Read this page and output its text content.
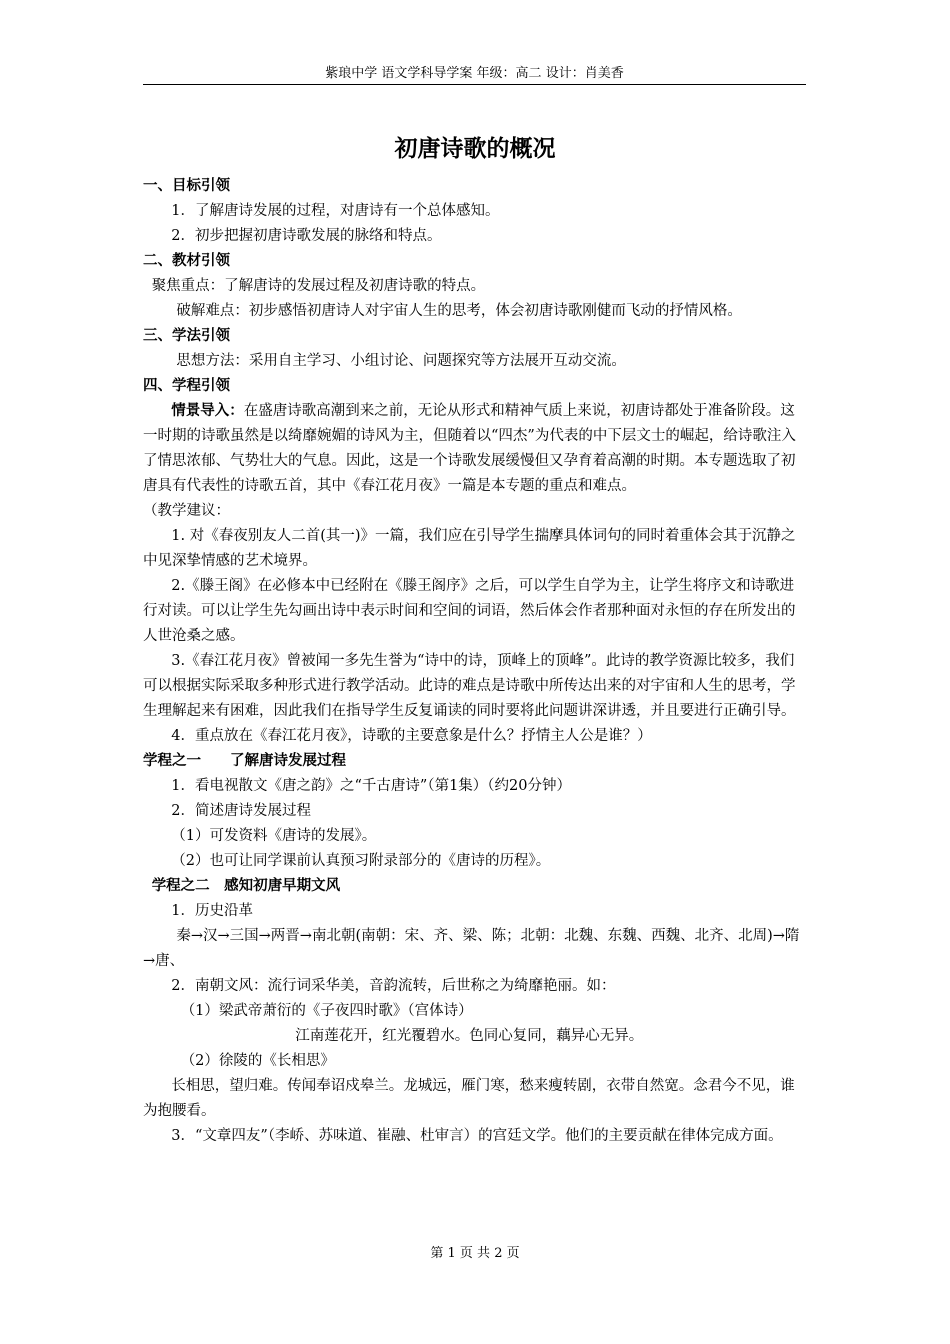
紫琅中学 语文学科导学案 年级：高二 设计：肖美香
初唐诗歌的概况

一、目标引领

1．了解唐诗发展的过程，对唐诗有一个总体感知。

2．初步把握初唐诗歌发展的脉络和特点。

二、教材引领

聚焦重点：了解唐诗的发展过程及初唐诗歌的特点。

破解难点：初步感悟初唐诗人对宇宙人生的思考，体会初唐诗歌刚健而飞动的抒情风格。

三、学法引领

思想方法：采用自主学习、小组讨论、问题探究等方法展开互动交流。

四、学程引领

情景导入：在盛唐诗歌高潮到来之前，无论从形式和精神气质上来说，初唐诗都处于准备阶段。这一时期的诗歌虽然是以绮靡婉媚的诗风为主，但随着以“四杰”为代表的中下层文士的崛起，给诗歌注入了情思浓郁、气势壮大的气息。因此，这是一个诗歌发展缓慢但又孕育着高潮的时期。本专题选取了初唐具有代表性的诗歌五首，其中《春江花月夜》一篇是本专题的重点和难点。

（教学建议：

1. 对《春夜别友人二首(其一)》一篇，我们应在引导学生揣摩具体词句的同时着重体会其于沉静之中见深挚情感的艺术境界。

2.《滕王阁》在必修本中已经附在《滕王阁序》之后，可以学生自学为主，让学生将序文和诗歌进行对读。可以让学生先勾画出诗中表示时间和空间的词语，然后体会作者那种面对永恒的存在所发出的人世沧桑之感。

3.《春江花月夜》曾被闻一多先生誉为“诗中的诗，顶峰上的顶峰”。此诗的教学资源比较多，我们可以根据实际采取多种形式进行教学活动。此诗的难点是诗歌中所传达出来的对宇宙和人生的思考，学生理解起来有困难，因此我们在指导学生反复诵读的同时要将此问题讲深讲透，并且要进行正确引导。

4．重点放在《春江花月夜》，诗歌的主要意象是什么？抒情主人公是谁？）

学程之一　　了解唐诗发展过程

1．看电视散文《唐之韵》之“千古唐诗”（第1集）（约20分钟）

2．简述唐诗发展过程

（1）可发资料《唐诗的发展》。

（2）也可让同学课前认真预习附录部分的《唐诗的历程》。

学程之二　感知初唐早期文风

1．历史沿革

秦→汉→三国→两晋→南北朝(南朝：宋、齐、梁、陈；北朝：北魏、东魏、西魏、北齐、北周)→隋→唐、

2．南朝文风：流行词采华美，音韵流转，后世称之为绮靡艳丽。如：

（1）梁武帝萧衍的《子夜四时歌》（宫体诗）

江南莲花开，红光覆碧水。色同心复同，藕异心无异。

（2）徐陵的《长相思》

长相思，望归难。传闻奉诏戍皋兰。龙城远，雁门寒，愁来瘦转剧，衣带自然宽。念君今不见，谁为抱腰看。

3．“文章四友”（李峤、苏味道、崔融、杜审言）的宫廷文学。他们的主要贡献在律体完成方面。

第 1 页 共 2 页
